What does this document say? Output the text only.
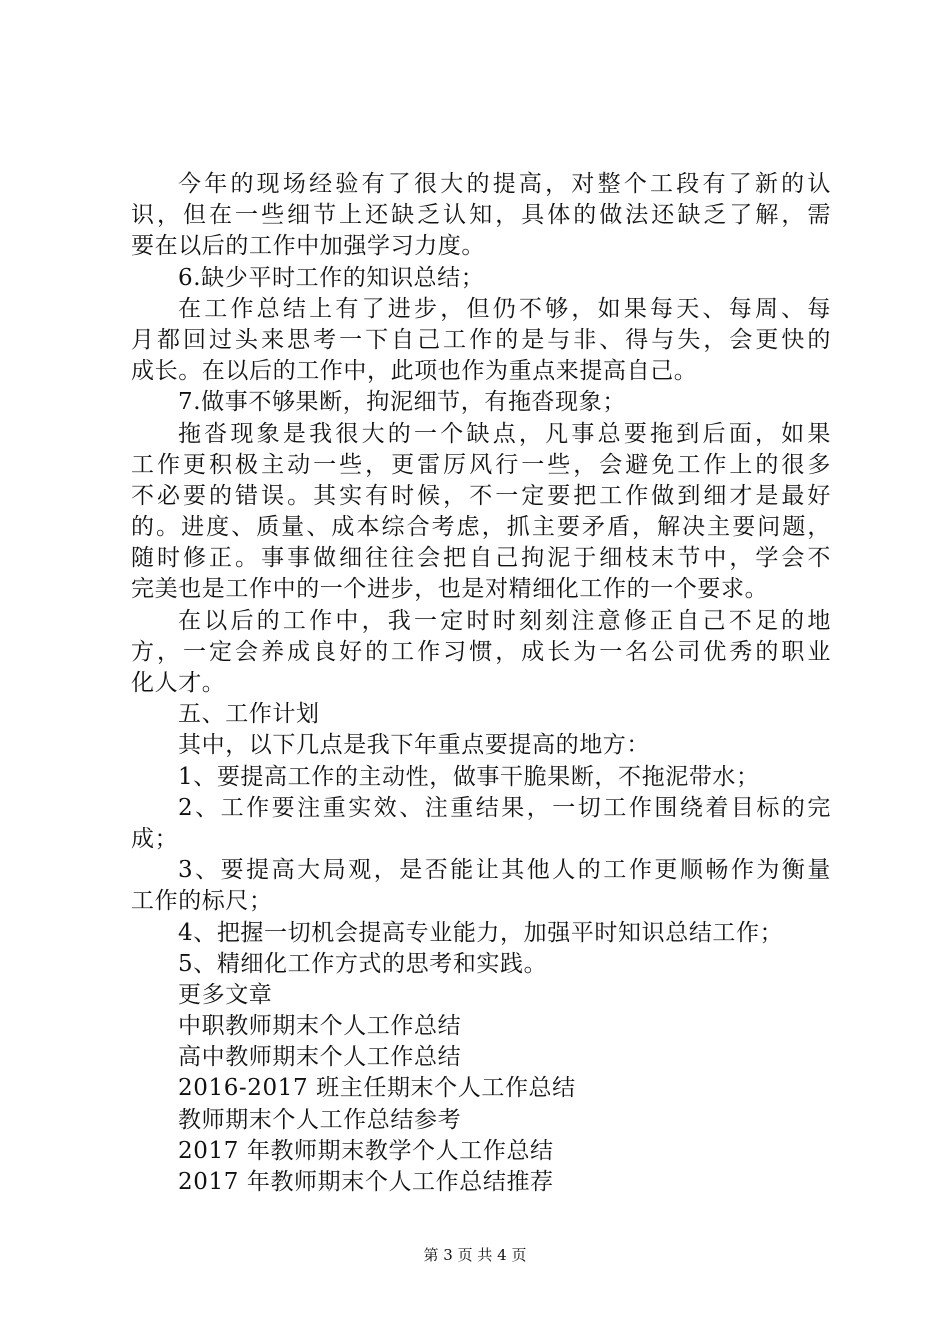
今年的现场经验有了很大的提高，对整个工段有了新的认
识，但在一些细节上还缺乏认知，具体的做法还缺乏了解，需
要在以后的工作中加强学习力度。
6.缺少平时工作的知识总结；
在工作总结上有了进步，但仍不够，如果每天、每周、每
月都回过头来思考一下自己工作的是与非、得与失，会更快的
成长。在以后的工作中，此项也作为重点来提高自己。
7.做事不够果断，拘泥细节，有拖沓现象；
拖沓现象是我很大的一个缺点，凡事总要拖到后面，如果
工作更积极主动一些，更雷厉风行一些，会避免工作上的很多
不必要的错误。其实有时候，不一定要把工作做到细才是最好
的。进度、质量、成本综合考虑，抓主要矛盾，解决主要问题，
随时修正。事事做细往往会把自己拘泥于细枝末节中，学会不
完美也是工作中的一个进步，也是对精细化工作的一个要求。
在以后的工作中，我一定时时刻刻注意修正自己不足的地
方，一定会养成良好的工作习惯，成长为一名公司优秀的职业
化人才。
五、工作计划
其中，以下几点是我下年重点要提高的地方：
1、要提高工作的主动性，做事干脆果断，不拖泥带水；
2、工作要注重实效、注重结果，一切工作围绕着目标的完
成；
3、要提高大局观，是否能让其他人的工作更顺畅作为衡量
工作的标尺；
4、把握一切机会提高专业能力，加强平时知识总结工作；
5、精细化工作方式的思考和实践。
更多文章
中职教师期末个人工作总结
高中教师期末个人工作总结
2016-2017 班主任期末个人工作总结
教师期末个人工作总结参考
2017 年教师期末教学个人工作总结
2017 年教师期末个人工作总结推荐
第 3 页 共 4 页
